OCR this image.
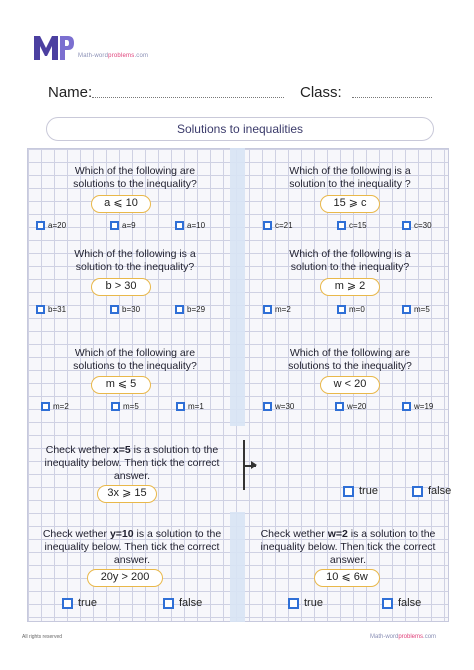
Math-wordproblems.com
Name:	Class:
Solutions to inequalities
Which of the following are
solutions to the inequality?
a ⩽ 10
a=20	a=9	a=10
Which of the following is a
solution to the inequality ?
15 ⩾ c
c=21	c=15	c=30
Which of the following is a
solution to the inequality?
b > 30
b=31	b=30	b=29
Which of the following is a
solution to the inequality?
m ⩾ 2
m=2	m=0	m=5
Which of the following are
solutions to the inequality?
m ⩽ 5
m=2	m=5	m=1
Which of the following are
solutions to the inequality?
w < 20
w=30	w=20	w=19
Check wether x=5 is a solution to the
inequality below. Then tick the correct
answer.
3x ⩾ 15	true	false
Check wether y=10 is a solution to the
inequality below. Then tick the correct
answer.
20y > 200
true	false
Check wether w=2 is a solution to the
inequality below. Then tick the correct
answer.
10 ⩽ 6w
true	false
All rights reserved	Math-wordproblems.com
